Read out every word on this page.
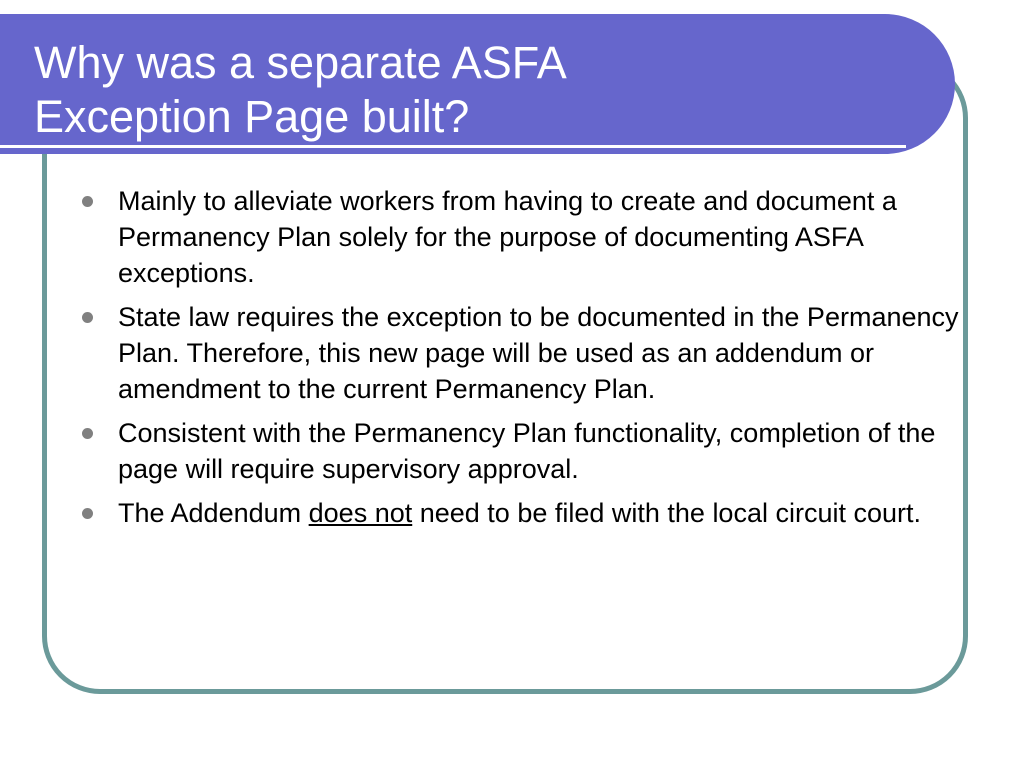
Why was a separate ASFA
Exception Page built?
Mainly to alleviate workers from having to create and document a Permanency Plan solely for the purpose of documenting ASFA exceptions.
State law requires the exception to be documented in the Permanency Plan. Therefore, this new page will be used as an addendum or amendment to the current Permanency Plan.
Consistent with the Permanency Plan functionality, completion of the page will require supervisory approval.
The Addendum does not need to be filed with the local circuit court.
